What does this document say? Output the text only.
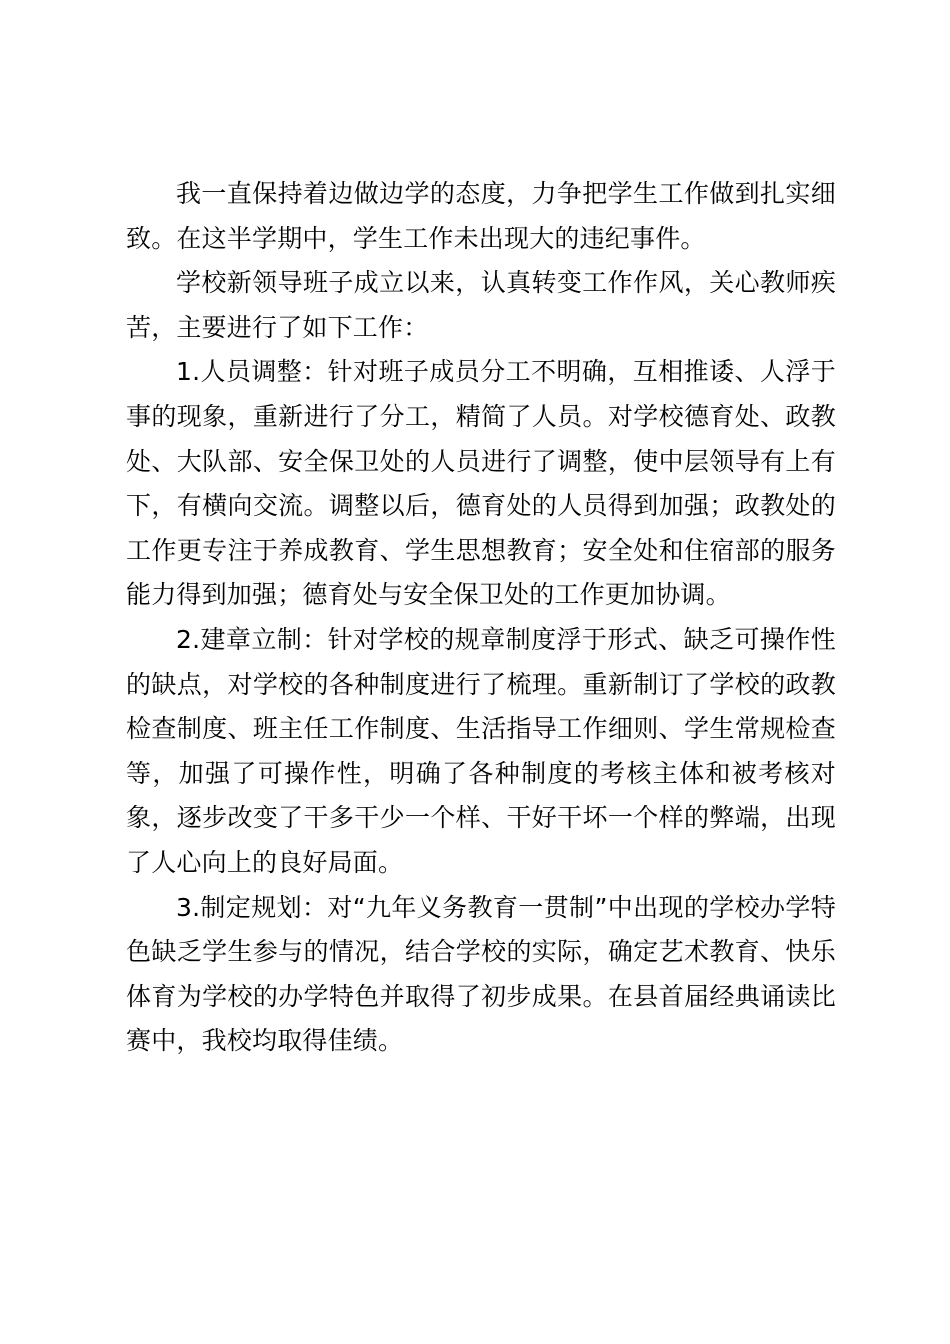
我一直保持着边做边学的态度，力争把学生工作做到扎实细致。在这半学期中，学生工作未出现大的违纪事件。

学校新领导班子成立以来，认真转变工作作风，关心教师疾苦，主要进行了如下工作：

1.人员调整：针对班子成员分工不明确，互相推诿、人浮于事的现象，重新进行了分工，精简了人员。对学校德育处、政教处、大队部、安全保卫处的人员进行了调整，使中层领导有上有下，有横向交流。调整以后，德育处的人员得到加强；政教处的工作更专注于养成教育、学生思想教育；安全处和住宿部的服务能力得到加强；德育处与安全保卫处的工作更加协调。

2.建章立制：针对学校的规章制度浮于形式、缺乏可操作性的缺点，对学校的各种制度进行了梳理。重新制订了学校的政教检查制度、班主任工作制度、生活指导工作细则、学生常规检查等，加强了可操作性，明确了各种制度的考核主体和被考核对象，逐步改变了干多干少一个样、干好干坏一个样的弊端，出现了人心向上的良好局面。

3.制定规划：对“九年义务教育一贯制”中出现的学校办学特色缺乏学生参与的情况，结合学校的实际，确定艺术教育、快乐体育为学校的办学特色并取得了初步成果。在县首届经典诵读比赛中，我校均取得佳绩。
